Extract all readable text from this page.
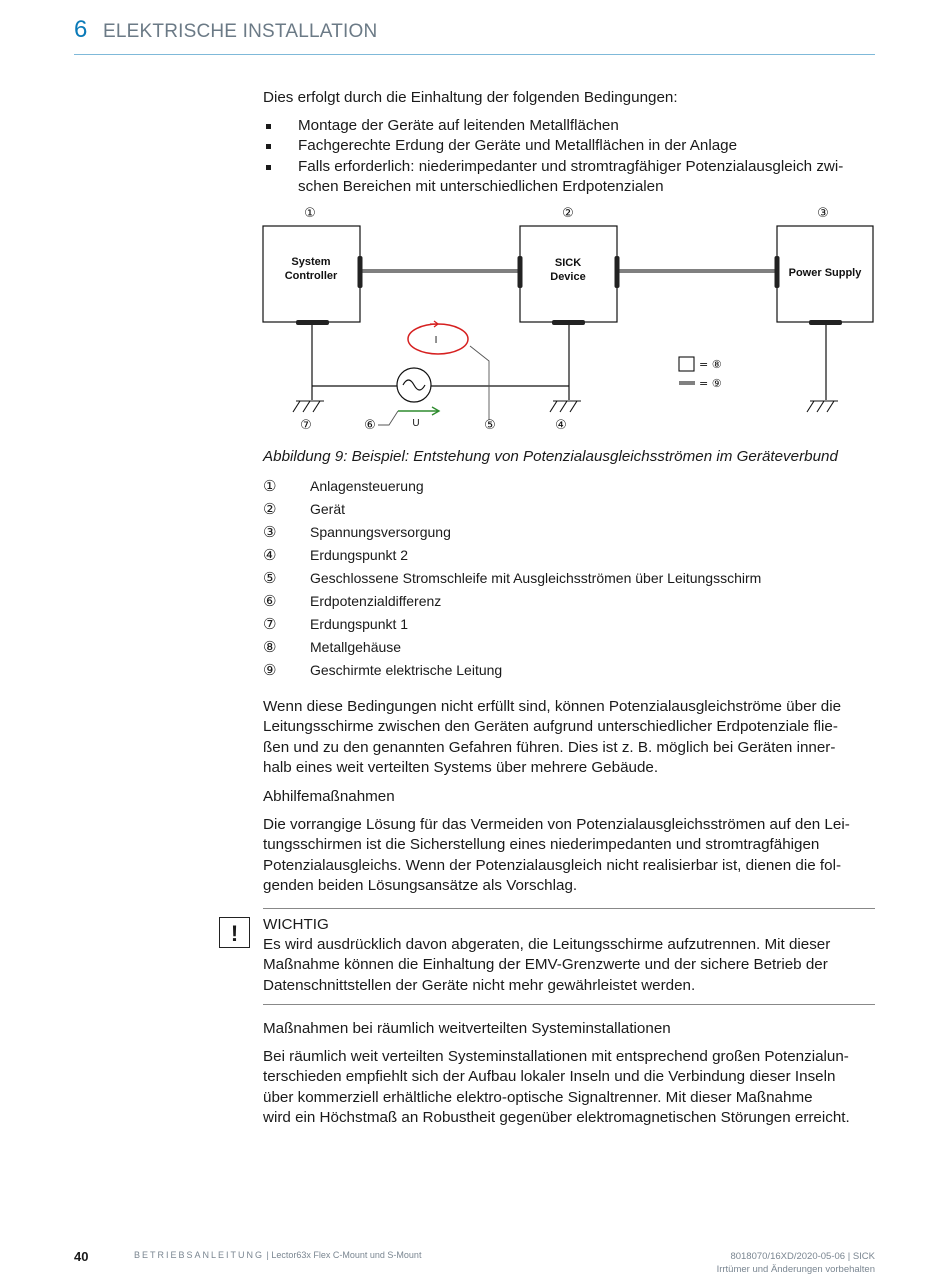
6 ELEKTRISCHE INSTALLATION

Dies erfolgt durch die Einhaltung der folgenden Bedingungen:

Montage der Geräte auf leitenden Metallflächen
Fachgerechte Erdung der Geräte und Metallflächen in der Anlage
Falls erforderlich: niederimpedanter und stromtragfähiger Potenzialausgleich zwi-
schen Bereichen mit unterschiedlichen Erdpotenzialen
①	②	③
System
Controller
SICK
Device	Power Supply
I
U
⑦	⑥	⑤	④
= ⑧
= ⑨

Abbildung 9: Beispiel: Entstehung von Potenzialausgleichsströmen im Geräteverbund

①	Anlagensteuerung
②	Gerät
③	Spannungsversorgung
④	Erdungspunkt 2
⑤	Geschlossene Stromschleife mit Ausgleichsströmen über Leitungsschirm
⑥	Erdpotenzialdifferenz
⑦	Erdungspunkt 1
⑧	Metallgehäuse
⑨	Geschirmte elektrische Leitung

Wenn diese Bedingungen nicht erfüllt sind, können Potenzialausgleichströme über die
Leitungsschirme zwischen den Geräten aufgrund unterschiedlicher Erdpotenziale flie-
ßen und zu den genannten Gefahren führen. Dies ist z. B. möglich bei Geräten inner-
halb eines weit verteilten Systems über mehrere Gebäude.

Abhilfemaßnahmen

Die vorrangige Lösung für das Vermeiden von Potenzialausgleichsströmen auf den Lei-
tungsschirmen ist die Sicherstellung eines niederimpedanten und stromtragfähigen
Potenzialausgleichs. Wenn der Potenzialausgleich nicht realisierbar ist, dienen die fol-
genden beiden Lösungsansätze als Vorschlag.

!	WICHTIG

Es wird ausdrücklich davon abgeraten, die Leitungsschirme aufzutrennen. Mit dieser
Maßnahme können die Einhaltung der EMV-Grenzwerte und der sichere Betrieb der
Datenschnittstellen der Geräte nicht mehr gewährleistet werden.

Maßnahmen bei räumlich weitverteilten Systeminstallationen

Bei räumlich weit verteilten Systeminstallationen mit entsprechend großen Potenzialun-
terschieden empfiehlt sich der Aufbau lokaler Inseln und die Verbindung dieser Inseln
über kommerziell erhältliche elektro-optische Signaltrenner. Mit dieser Maßnahme
wird ein Höchstmaß an Robustheit gegenüber elektromagnetischen Störungen erreicht.

40	BETRIEBSANLEITUNG | Lector63x Flex C-Mount und S-Mount	8018070/16XD/2020-05-06 | SICK
Irrtümer und Änderungen vorbehalten
